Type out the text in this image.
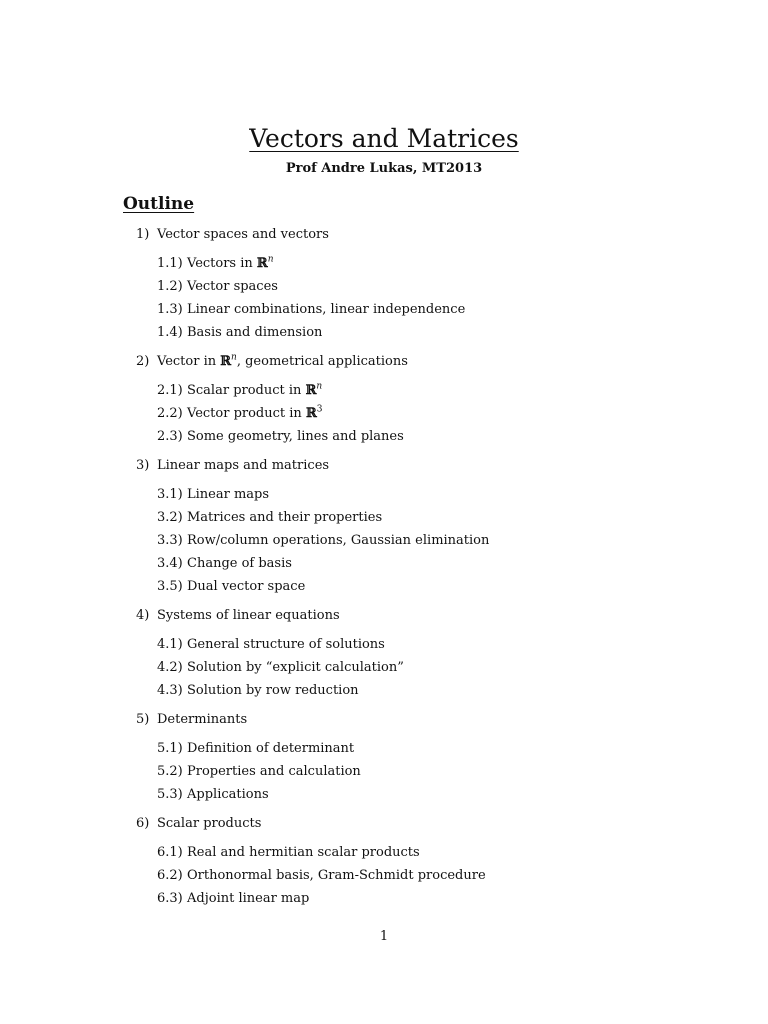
Vectors and Matrices
Prof Andre Lukas, MT2013
Outline
1) Vector spaces and vectors
1.1) Vectors in ℝ$^n$
1.2) Vector spaces
1.3) Linear combinations, linear independence
1.4) Basis and dimension
2) Vector in ℝ$^n$, geometrical applications
2.1) Scalar product in ℝ$^n$
2.2) Vector product in ℝ$^3$
2.3) Some geometry, lines and planes
3) Linear maps and matrices
3.1) Linear maps
3.2) Matrices and their properties
3.3) Row/column operations, Gaussian elimination
3.4) Change of basis
3.5) Dual vector space
4) Systems of linear equations
4.1) General structure of solutions
4.2) Solution by “explicit calculation”
4.3) Solution by row reduction
5) Determinants
5.1) Definition of determinant
5.2) Properties and calculation
5.3) Applications
6) Scalar products
6.1) Real and hermitian scalar products
6.2) Orthonormal basis, Gram-Schmidt procedure
6.3) Adjoint linear map
1
